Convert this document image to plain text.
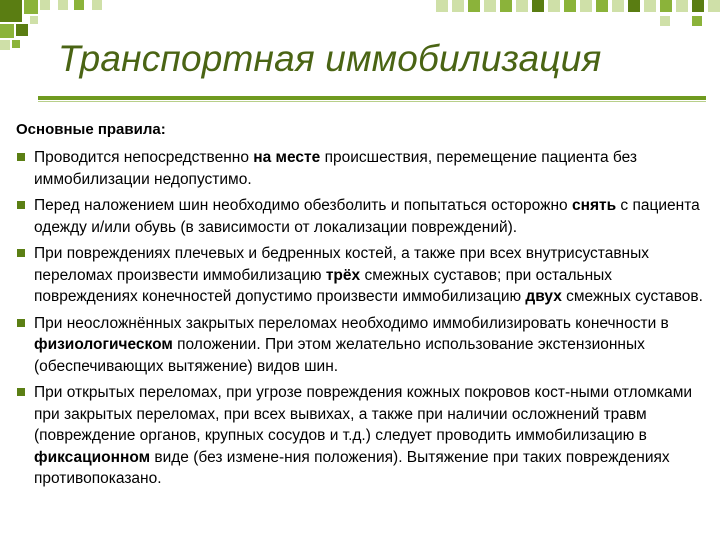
Транспортная иммобилизация
Основные правила:
Проводится непосредственно на месте происшествия, перемещение пациента без иммобилизации недопустимо.
Перед наложением шин необходимо обезболить и попытаться осторожно снять с пациента одежду и/или обувь (в зависимости от локализации повреждений).
При повреждениях плечевых и бедренных костей, а также при всех внутрисуставных переломах произвести иммобилизацию трёх смежных суставов; при остальных повреждениях конечностей допустимо произвести иммобилизацию двух смежных суставов.
При неосложнённых закрытых переломах необходимо иммобилизировать конечности в физиологическом положении. При этом желательно использование экстензионных (обеспечивающих вытяжение) видов шин.
При открытых переломах, при угрозе повреждения кожных покровов кост-ными отломками при закрытых переломах, при всех вывихах, а также при наличии осложнений травм (повреждение органов, крупных сосудов и т.д.) следует проводить иммобилизацию в фиксационном виде (без измене-ния положения). Вытяжение при таких повреждениях противопоказано.
